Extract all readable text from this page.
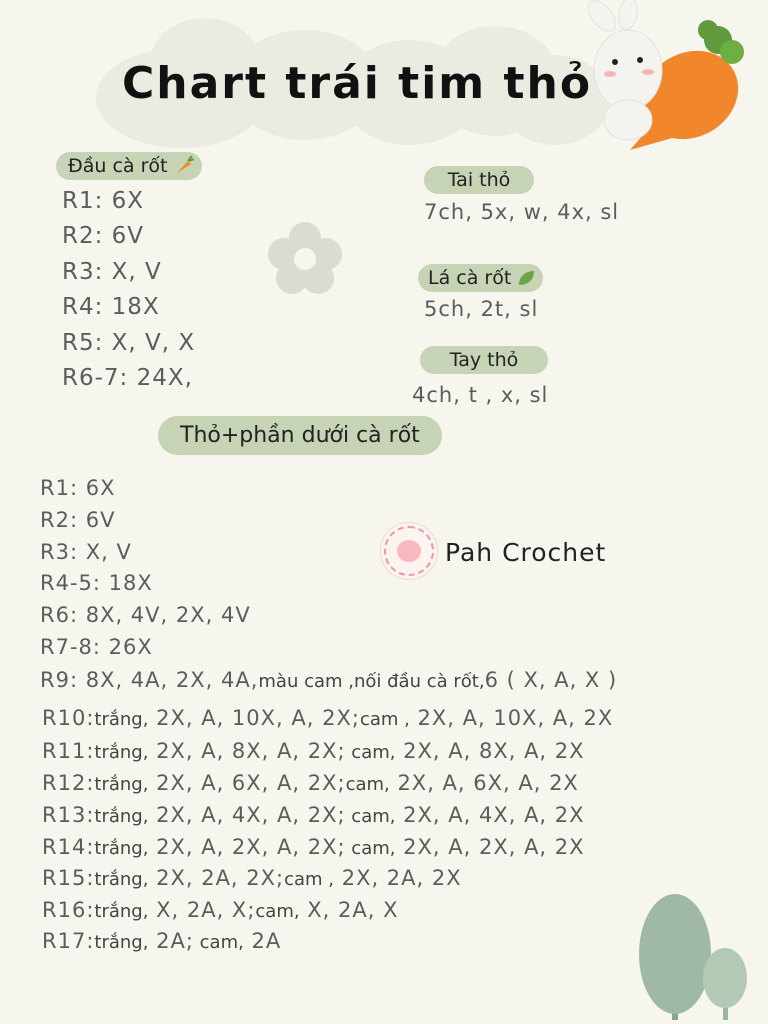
Chart trái tim thỏ
Đầu cà rốt
R1: 6X
R2: 6V
R3: X, V
R4: 18X
R5: X, V, X
R6-7: 24X,
Tai thỏ
7ch, 5x, w, 4x, sl
Lá cà rốt
5ch, 2t, sl
Tay thỏ
4ch, t , x, sl
Thỏ+phần dưới cà rốt
R1: 6X
R2: 6V
R3: X, V
R4-5: 18X
R6: 8X, 4V, 2X, 4V
R7-8: 26X
R9: 8X, 4A, 2X, 4A,màu cam ,nối đầu cà rốt,6 ( X, A, X )
R10:trắng, 2X, A, 10X, A, 2X;cam , 2X, A, 10X, A, 2X
R11:trắng, 2X, A, 8X, A, 2X; cam, 2X, A, 8X, A, 2X
R12:trắng, 2X, A, 6X, A, 2X;cam, 2X, A, 6X, A, 2X
R13:trắng, 2X, A, 4X, A, 2X; cam, 2X, A, 4X, A, 2X
R14:trắng, 2X, A, 2X, A, 2X; cam, 2X, A, 2X, A, 2X
R15:trắng, 2X, 2A, 2X;cam , 2X, 2A, 2X
R16:trắng, X, 2A, X;cam, X, 2A, X
R17:trắng, 2A; cam, 2A
Pah Crochet
